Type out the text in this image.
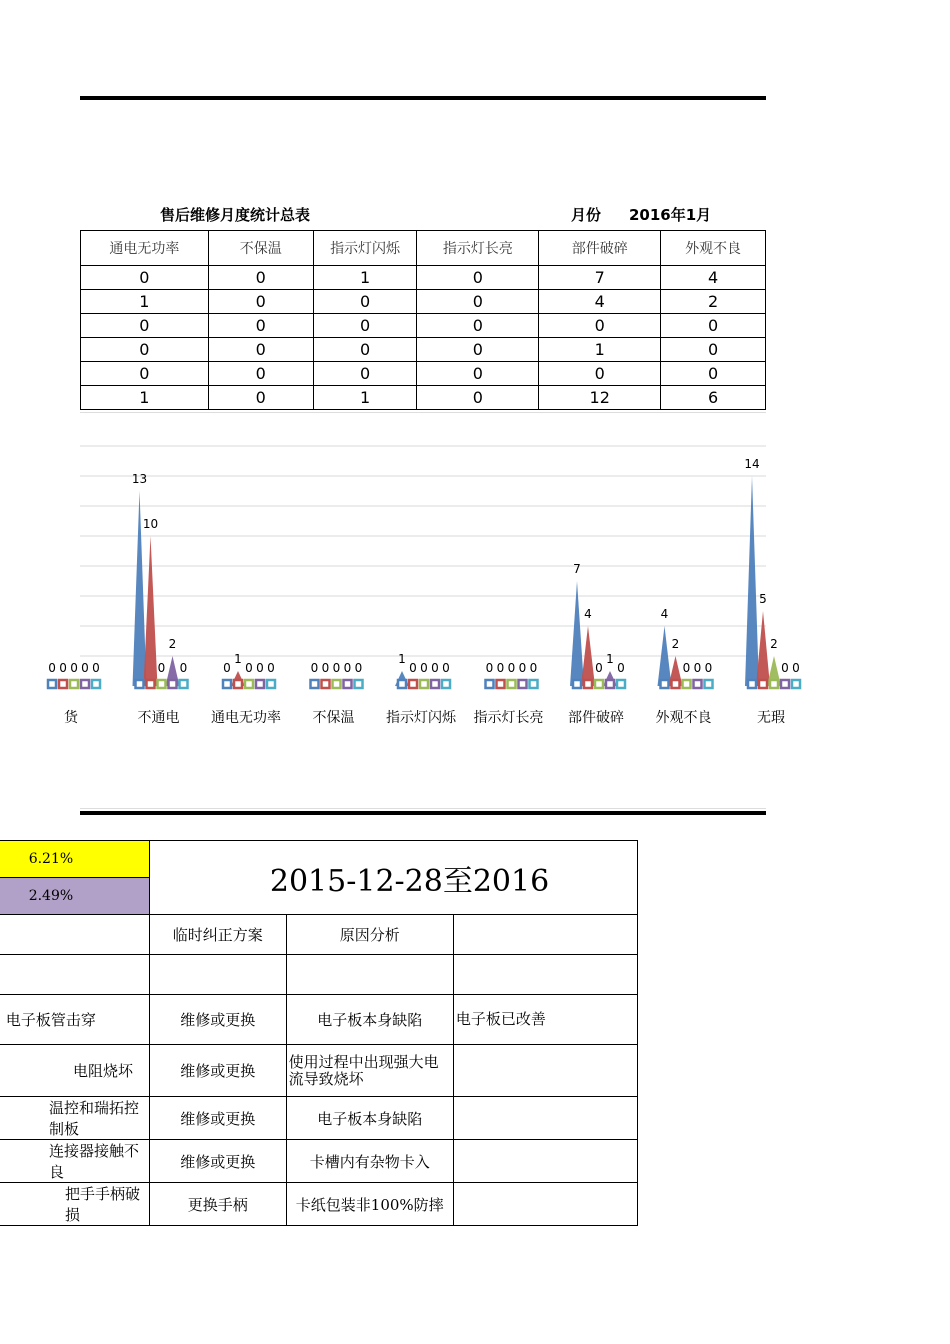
售后维修月度统计总表	月份 2016年1月
通电无功率	不保温	指示灯闪烁	指示灯长亮	部件破碎	外观不良
0	0	1	0	7	4
1	0	0	0	4	2
0	0	0	0	0	0
0	0	0	0	1	0
0	0	0	0	0	0
1	0	1	0	12	6
0 0 0 0 0
货
13
10
0
2
0
不通电
0
1
0 0 0
通电无功率
0 0 0 0 0
不保温
1
0 0 0 0
指示灯闪烁
0 0 0 0 0
指示灯长亮
7
4
0
1
0
部件破碎
4
2
0 0 0
外观不良
14
5
2
0 0
无瑕
6.21%	2015-12-28至2016		
2.49%			
	临时纠正方案	原因分析	

电子板管击穿	维修或更换	电子板本身缺陷	电子板已改善
电阻烧坏	维修或更换	使用过程中出现强大电流导致烧坏	
温控和瑞拓控制板	维修或更换	电子板本身缺陷	
连接器接触不良	维修或更换	卡槽内有杂物卡入	
把手手柄破损	更换手柄	卡纸包装非100%防摔	
